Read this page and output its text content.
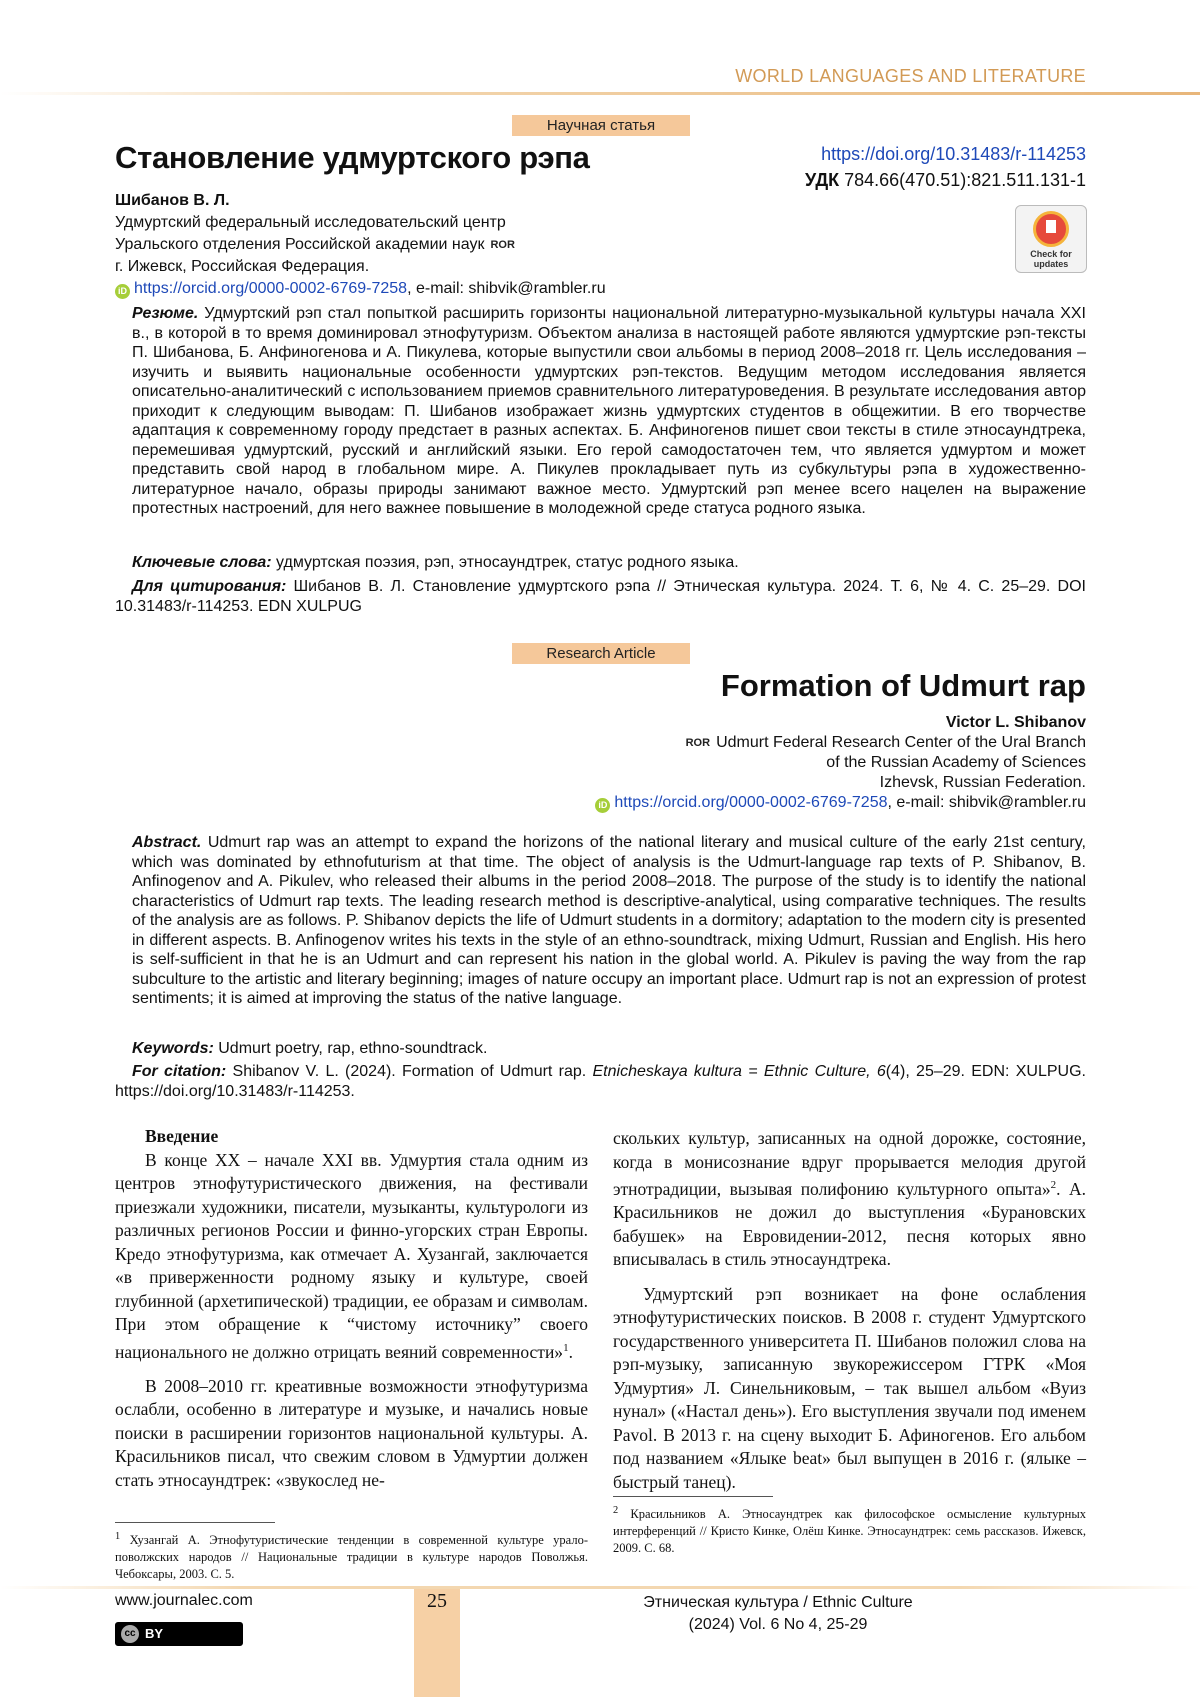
WORLD LANGUAGES AND LITERATURE
Научная статья
Становление удмуртского рэпа	https://doi.org/10.31483/r-114253
УДК 784.66(470.51):821.511.131-1
Шибанов В. Л.
Удмуртский федеральный исследовательский центр
Уральского отделения Российской академии наук ROR
г. Ижевск, Российская Федерация.
iD https://orcid.org/0000-0002-6769-7258, e-mail: shibvik@rambler.ru
Check for
updates
Резюме. Удмуртский рэп стал попыткой расширить горизонты национальной литературно-музыкальной культуры начала XXI в., в которой в то время доминировал этнофутуризм. Объектом анализа в настоящей работе являются удмуртские рэп-тексты П. Шибанова, Б. Анфиногенова и А. Пикулева, которые выпустили свои альбомы в период 2008–2018 гг. Цель исследования – изучить и выявить национальные особенности удмуртских рэп-текстов. Ведущим методом исследования является описательно-аналитический с использованием приемов сравнительного литературоведения. В результате исследования автор приходит к следующим выводам: П. Шибанов изображает жизнь удмуртских студентов в общежитии. В его творчестве адаптация к современному городу предстает в разных аспектах. Б. Анфиногенов пишет свои тексты в стиле этносаундтрека, перемешивая удмуртский, русский и английский языки. Его герой самодостаточен тем, что является удмуртом и может представить свой народ в глобальном мире. А. Пикулев прокладывает путь из субкультуры рэпа в художественно-литературное начало, образы природы занимают важное место. Удмуртский рэп менее всего нацелен на выражение протестных настроений, для него важнее повышение в молодежной среде статуса родного языка.
Ключевые слова: удмуртская поэзия, рэп, этносаундтрек, статус родного языка.
Для цитирования: Шибанов В. Л. Становление удмуртского рэпа // Этническая культура. 2024. Т. 6, № 4. С. 25–29. DOI 10.31483/r-114253. EDN XULPUG
Research Article
Formation of Udmurt rap
Victor L. Shibanov
ROR Udmurt Federal Research Center of the Ural Branch
of the Russian Academy of Sciences
Izhevsk, Russian Federation.
iD https://orcid.org/0000-0002-6769-7258, e-mail: shibvik@rambler.ru
Abstract. Udmurt rap was an attempt to expand the horizons of the national literary and musical culture of the early 21st century, which was dominated by ethnofuturism at that time. The object of analysis is the Udmurt-language rap texts of P. Shibanov, B. Anfinogenov and A. Pikulev, who released their albums in the period 2008–2018. The purpose of the study is to identify the national characteristics of Udmurt rap texts. The leading research method is descriptive-analytical, using comparative techniques. The results of the analysis are as follows. P. Shibanov depicts the life of Udmurt students in a dormitory; adaptation to the modern city is presented in different aspects. B. Anfinogenov writes his texts in the style of an ethno-soundtrack, mixing Udmurt, Russian and English. His hero is self-sufficient in that he is an Udmurt and can represent his nation in the global world. A. Pikulev is paving the way from the rap subculture to the artistic and literary beginning; images of nature occupy an important place. Udmurt rap is not an expression of protest sentiments; it is aimed at improving the status of the native language.
Keywords: Udmurt poetry, rap, ethno-soundtrack.
For citation: Shibanov V. L. (2024). Formation of Udmurt rap. Etnicheskaya kultura = Ethnic Culture, 6(4), 25–29. EDN: XULPUG. https://doi.org/10.31483/r-114253.

Введение

В конце XX – начале XXI вв. Удмуртия стала одним из центров этнофутуристического движения, на фестивали приезжали художники, писатели, музыканты, культурологи из различных регионов России и финно-угорских стран Европы. Кредо этнофутуризма, как отмечает А. Хузангай, заключается «в приверженности родному языку и культуре, своей глубинной (архетипической) традиции, ее образам и символам. При этом обращение к “чистому источнику” своего национального не должно отрицать веяний современности»$^1$.

В 2008–2010 гг. креативные возможности этнофутуризма ослабли, особенно в литературе и музыке, и начались новые поиски в расширении горизонтов национальной культуры. А. Красильников писал, что свежим словом в Удмуртии должен стать этносаундтрек: «звукослед не-

скольких культур, записанных на одной дорожке, состояние, когда в монисознание вдруг прорывается мелодия другой этнотрадиции, вызывая полифонию культурного опыта»$^2$. А. Красильников не дожил до выступления «Бурановских бабушек» на Евровидении-2012, песня которых явно вписывалась в стиль этносаундтрека.

Удмуртский рэп возникает на фоне ослабления этнофутуристических поисков. В 2008 г. студент Удмуртского государственного университета П. Шибанов положил слова на рэп-музыку, записанную звукорежиссером ГТРК «Моя Удмуртия» Л. Синельниковым, – так вышел альбом «Вуиз нунал» («Настал день»). Его выступления звучали под именем Pavol. В 2013 г. на сцену выходит Б. Афиногенов. Его альбом под названием «Ялыке beat» был выпущен в 2016 г. (ялыке – быстрый танец).

$^1$ Хузангай А. Этнофутуристические тенденции в современной культуре урало-поволжских народов // Национальные традиции в культуре народов Поволжья. Чебоксары, 2003. С. 5.
$^2$ Красильников А. Этносаундтрек как философское осмысление культурных интерференций // Кристо Кинке, Олёш Кинке. Этносаундтрек: семь рассказов. Ижевск, 2009. С. 68.
25
www.journalec.com
cc BY
Этническая культура / Ethnic Culture
(2024) Vol. 6 No 4, 25-29
